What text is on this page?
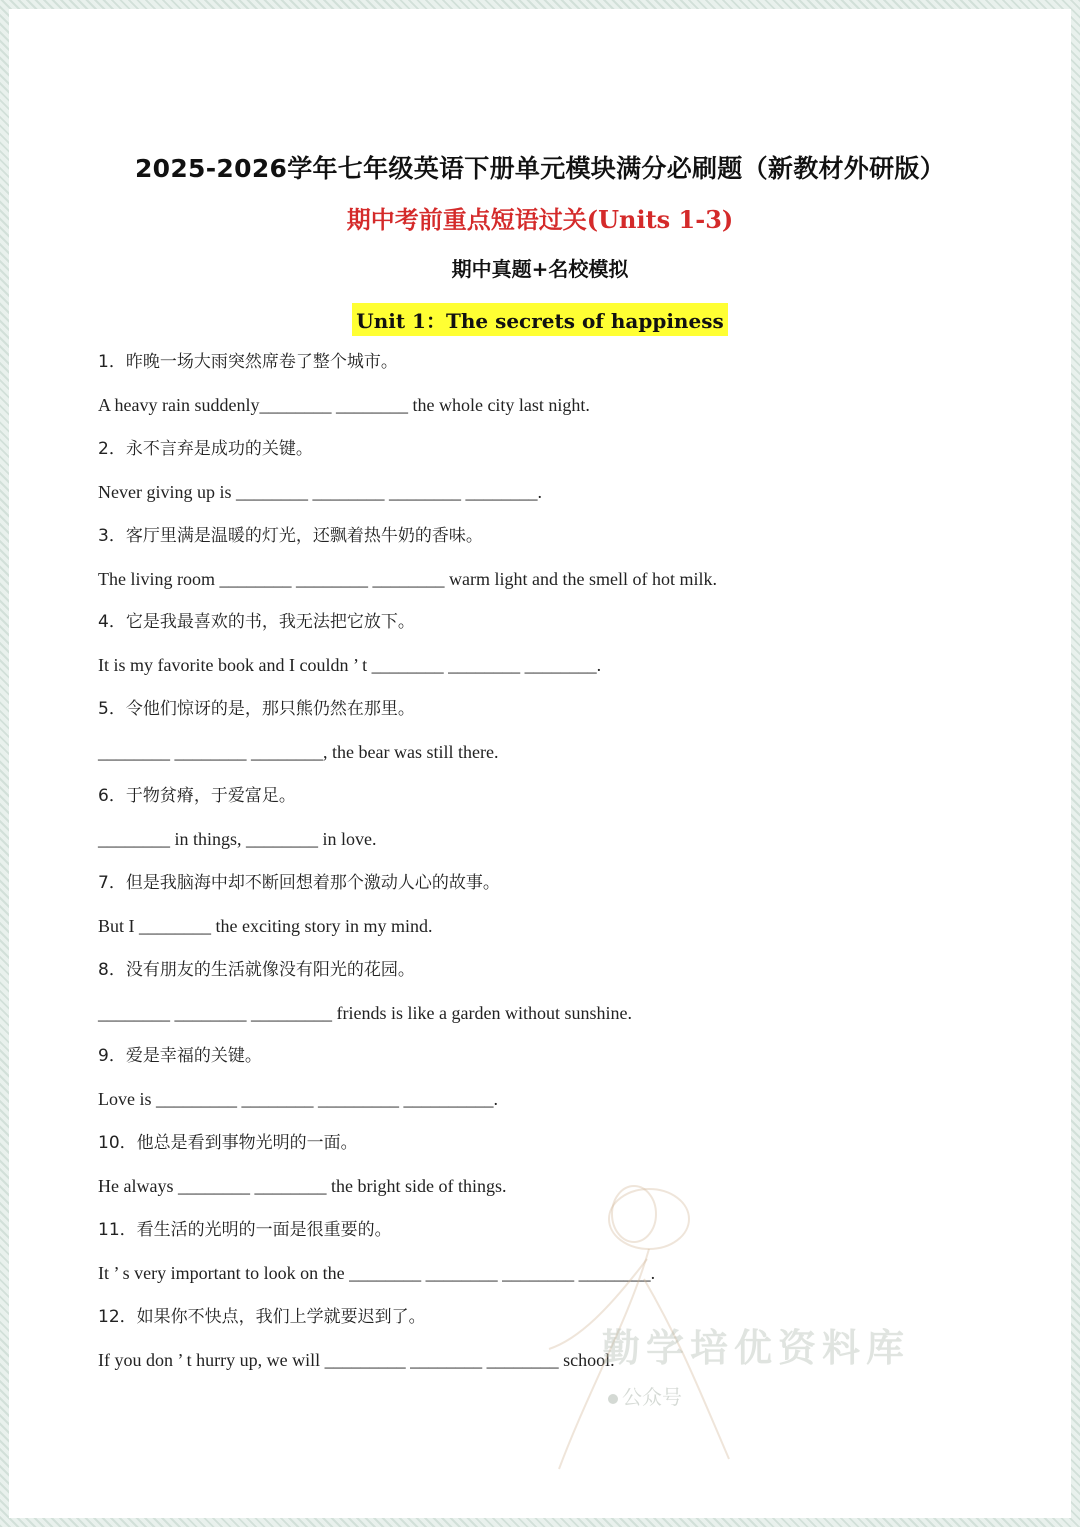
2025-2026学年七年级英语下册单元模块满分必刷题（新教材外研版）
期中考前重点短语过关(Units 1-3)
期中真题+名校模拟
Unit 1：The secrets of happiness
1．昨晚一场大雨突然席卷了整个城市。
A heavy rain suddenly________ ________ the whole city last night.
2．永不言弃是成功的关键。
Never giving up is ________ ________ ________ ________.
3．客厅里满是温暖的灯光，还飘着热牛奶的香味。
The living room ________ ________ ________ warm light and the smell of hot milk.
4．它是我最喜欢的书，我无法把它放下。
It is my favorite book and I couldn ’ t ________ ________ ________.
5．令他们惊讶的是，那只熊仍然在那里。
________ ________ ________, the bear was still there.
6．于物贫瘠，于爱富足。
________ in things, ________ in love.
7．但是我脑海中却不断回想着那个激动人心的故事。
But I ________ the exciting story in my mind.
8．没有朋友的生活就像没有阳光的花园。
________ ________ _________ friends is like a garden without sunshine.
9．爱是幸福的关键。
Love is _________ ________ _________ __________.
10．他总是看到事物光明的一面。
He always ________ ________ the bright side of things.
11．看生活的光明的一面是很重要的。
It ’ s very important to look on the ________ ________ ________ ________.
12．如果你不快点，我们上学就要迟到了。
If you don ’ t hurry up, we will _________ ________ ________ school.
勤学培优资料库
公众号
